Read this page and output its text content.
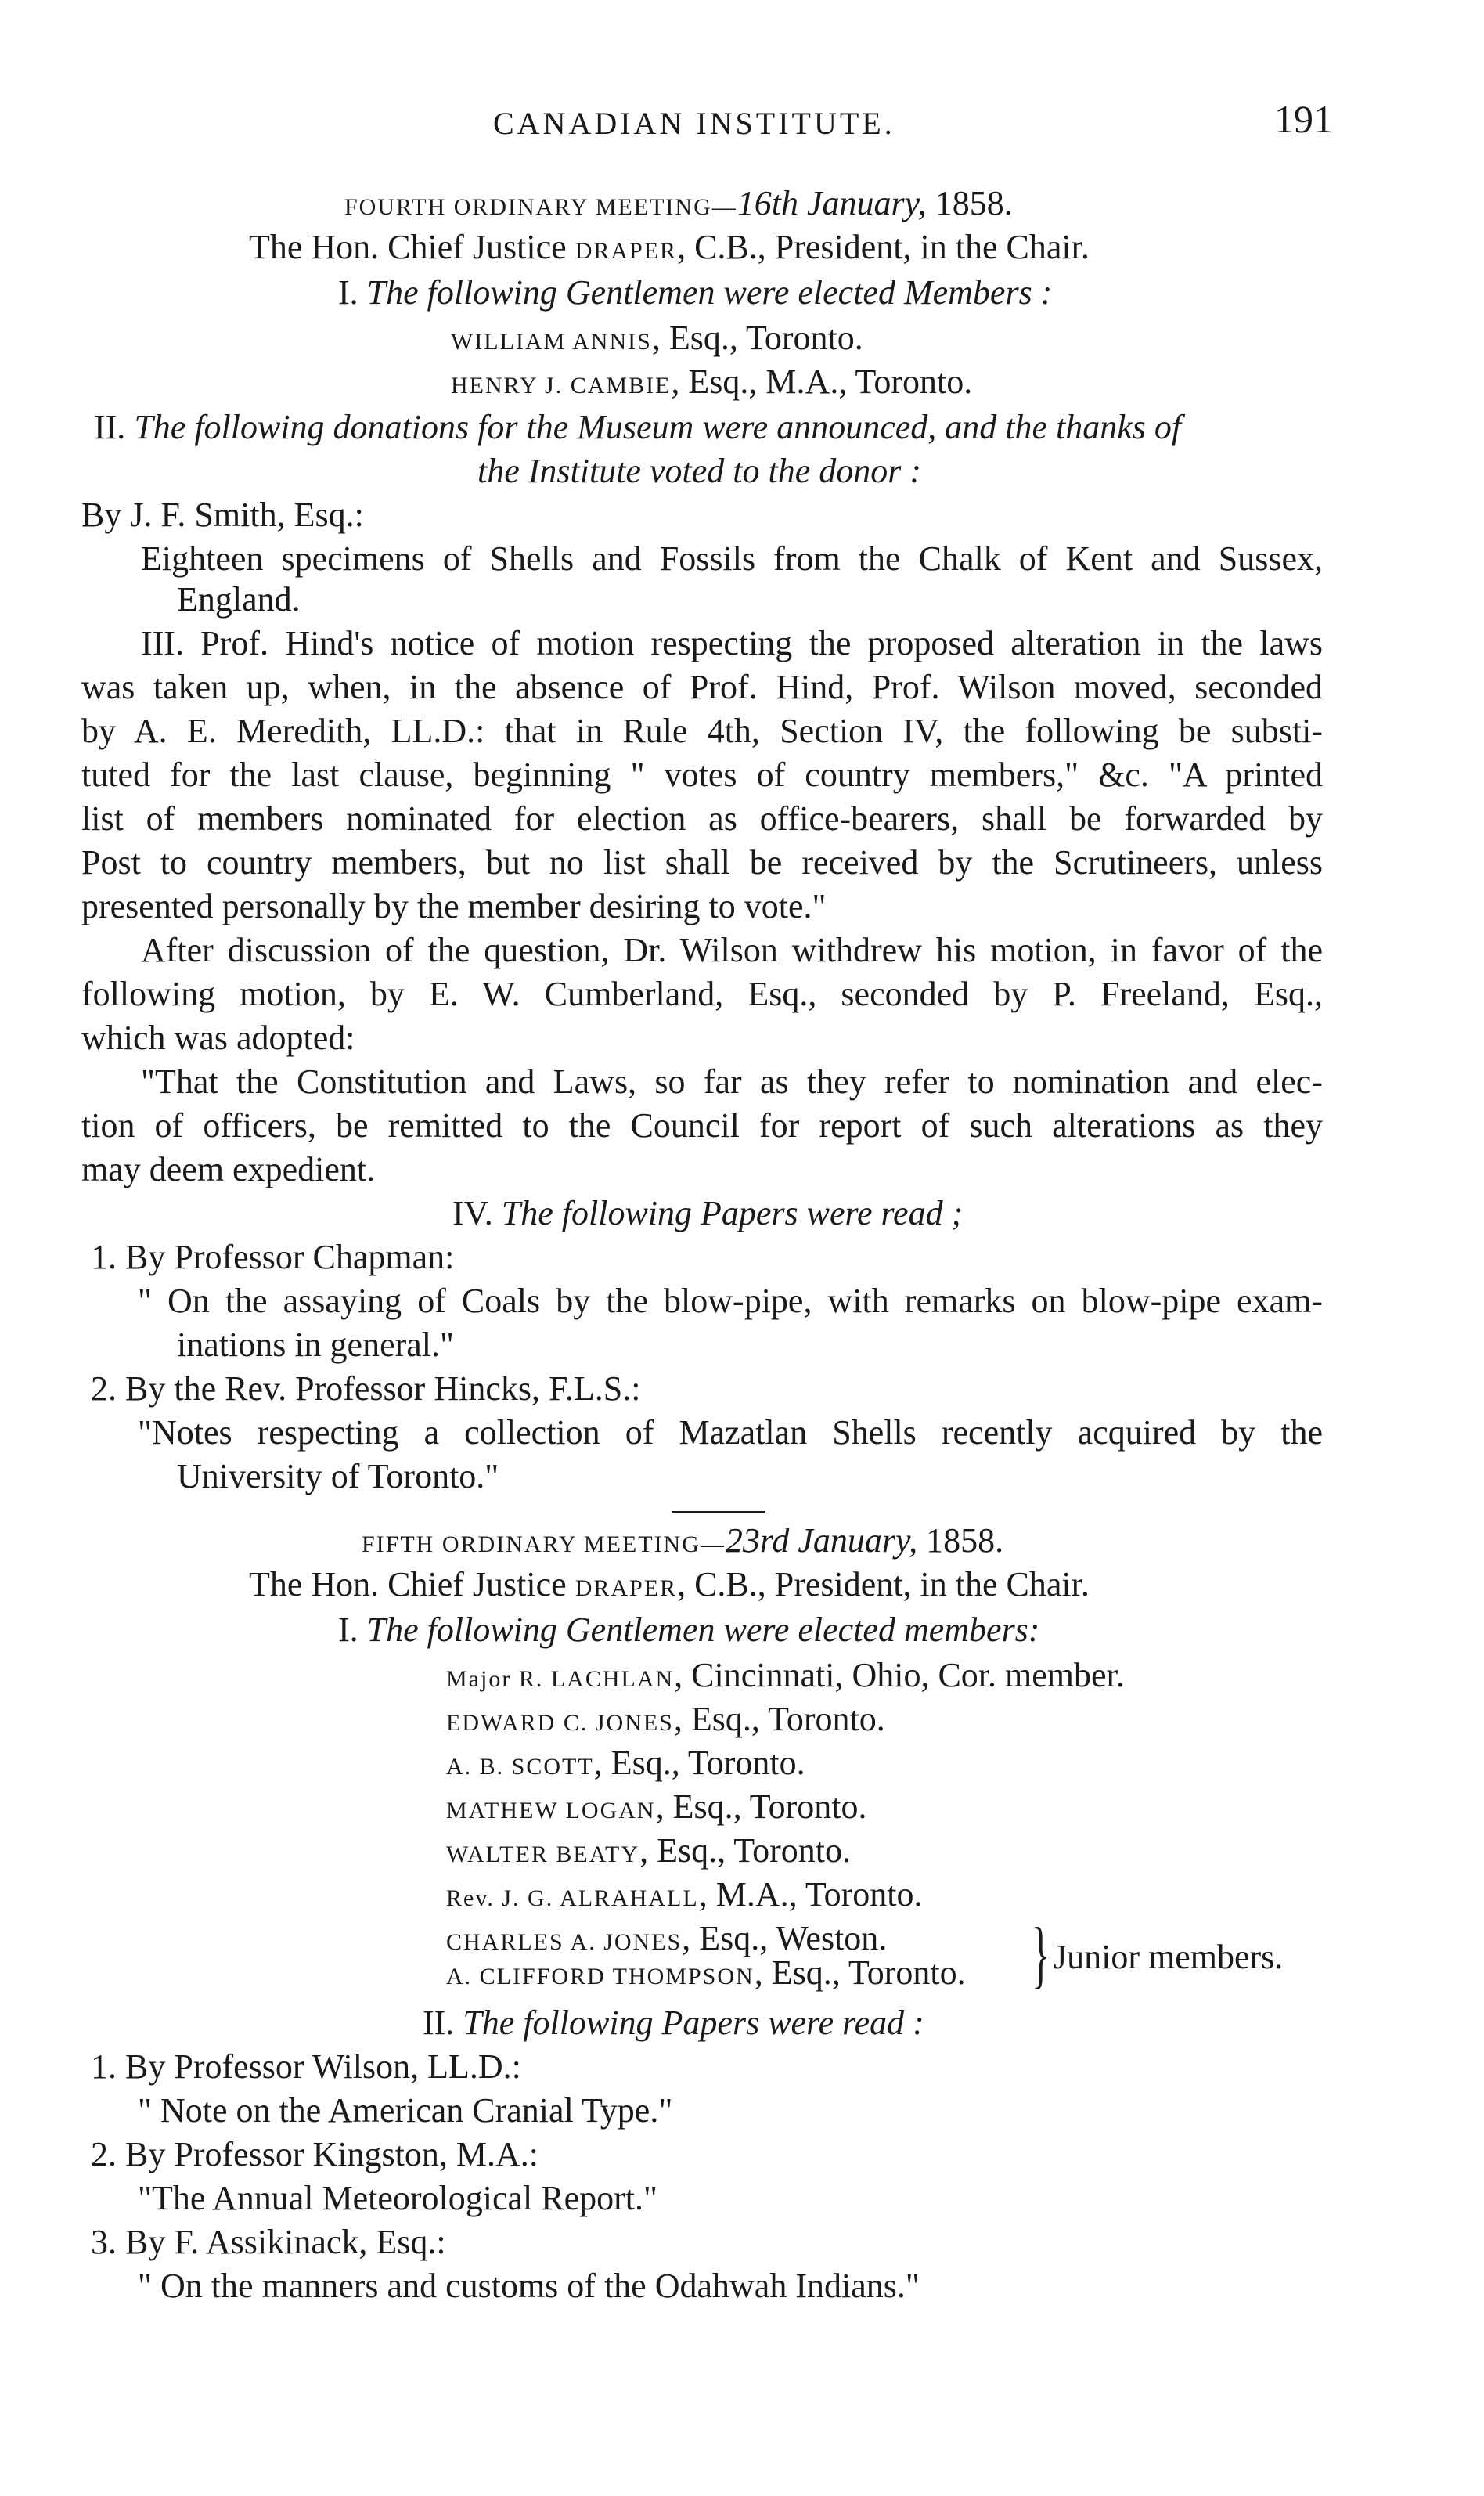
CANADIAN INSTITUTE.	191
FOURTH ORDINARY MEETING—16th January, 1858.
The Hon. Chief Justice DRAPER, C.B., President, in the Chair.
I. The following Gentlemen were elected Members :
WILLIAM ANNIS, Esq., Toronto.
HENRY J. CAMBIE, Esq., M.A., Toronto.
II. The following donations for the Museum were announced, and the thanks of
the Institute voted to the donor :
By J. F. Smith, Esq.:
Eighteen specimens of Shells and Fossils from the Chalk of Kent and Sussex,
England.
III. Prof. Hind's notice of motion respecting the proposed alteration in the laws
was taken up, when, in the absence of Prof. Hind, Prof. Wilson moved, seconded
by A. E. Meredith, LL.D.: that in Rule 4th, Section IV, the following be substi-
tuted for the last clause, beginning " votes of country members," &c. "A printed
list of members nominated for election as office-bearers, shall be forwarded by
Post to country members, but no list shall be received by the Scrutineers, unless
presented personally by the member desiring to vote."
After discussion of the question, Dr. Wilson withdrew his motion, in favor of the
following motion, by E. W. Cumberland, Esq., seconded by P. Freeland, Esq.,
which was adopted:
"That the Constitution and Laws, so far as they refer to nomination and elec-
tion of officers, be remitted to the Council for report of such alterations as they
may deem expedient.
IV. The following Papers were read ;
1. By Professor Chapman:
" On the assaying of Coals by the blow-pipe, with remarks on blow-pipe exam-
inations in general."
2. By the Rev. Professor Hincks, F.L.S.:
"Notes respecting a collection of Mazatlan Shells recently acquired by the
University of Toronto."
FIFTH ORDINARY MEETING—23rd January, 1858.
The Hon. Chief Justice DRAPER, C.B., President, in the Chair.
I. The following Gentlemen were elected members:
Major R. LACHLAN, Cincinnati, Ohio, Cor. member.
EDWARD C. JONES, Esq., Toronto.
A. B. SCOTT, Esq., Toronto.
MATHEW LOGAN, Esq., Toronto.
WALTER BEATY, Esq., Toronto.
Rev. J. G. ALRAHALL, M.A., Toronto.
CHARLES A. JONES, Esq., Weston.
A. CLIFFORD THOMPSON, Esq., Toronto. } Junior members.
II. The following Papers were read :
1. By Professor Wilson, LL.D.:
" Note on the American Cranial Type."
2. By Professor Kingston, M.A.:
"The Annual Meteorological Report."
3. By F. Assikinack, Esq.:
" On the manners and customs of the Odahwah Indians."
